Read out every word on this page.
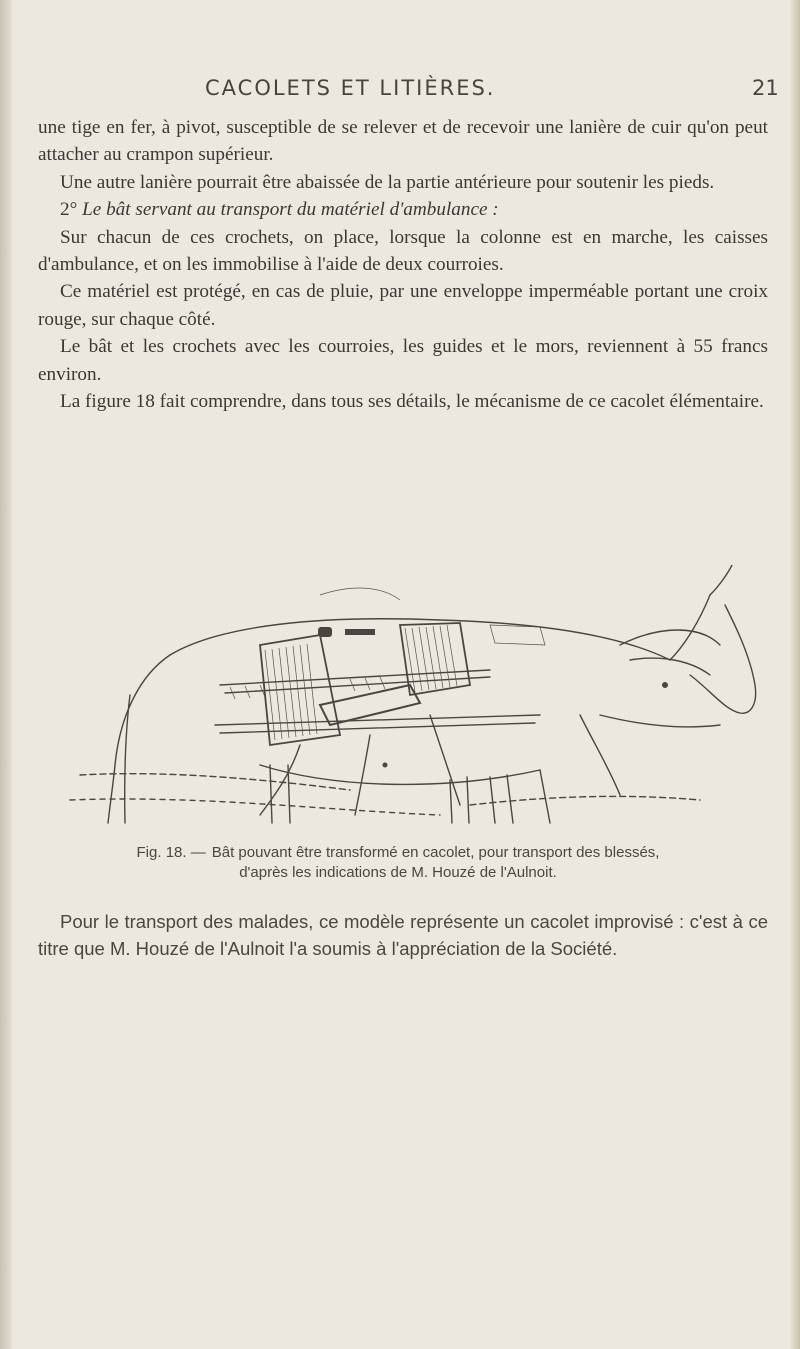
CACOLETS ET LITIÈRES.	21

une tige en fer, à pivot, susceptible de se relever et de recevoir une lanière de cuir qu'on peut attacher au crampon supérieur.

Une autre lanière pourrait être abaissée de la partie antérieure pour soutenir les pieds.

2° Le bât servant au transport du matériel d'ambulance :

Sur chacun de ces crochets, on place, lorsque la colonne est en marche, les caisses d'ambulance, et on les immobilise à l'aide de deux courroies.

Ce matériel est protégé, en cas de pluie, par une enveloppe imperméable portant une croix rouge, sur chaque côté.

Le bât et les crochets avec les courroies, les guides et le mors, reviennent à 55 francs environ.

La figure 18 fait comprendre, dans tous ses détails, le mécanisme de ce cacolet élémentaire.

Fig. 18. — Bât pouvant être transformé en cacolet, pour transport des blessés,
d'après les indications de M. Houzé de l'Aulnoit.

Pour le transport des malades, ce modèle représente un cacolet improvisé : c'est à ce titre que M. Houzé de l'Aulnoit l'a soumis à l'appréciation de la Société.
